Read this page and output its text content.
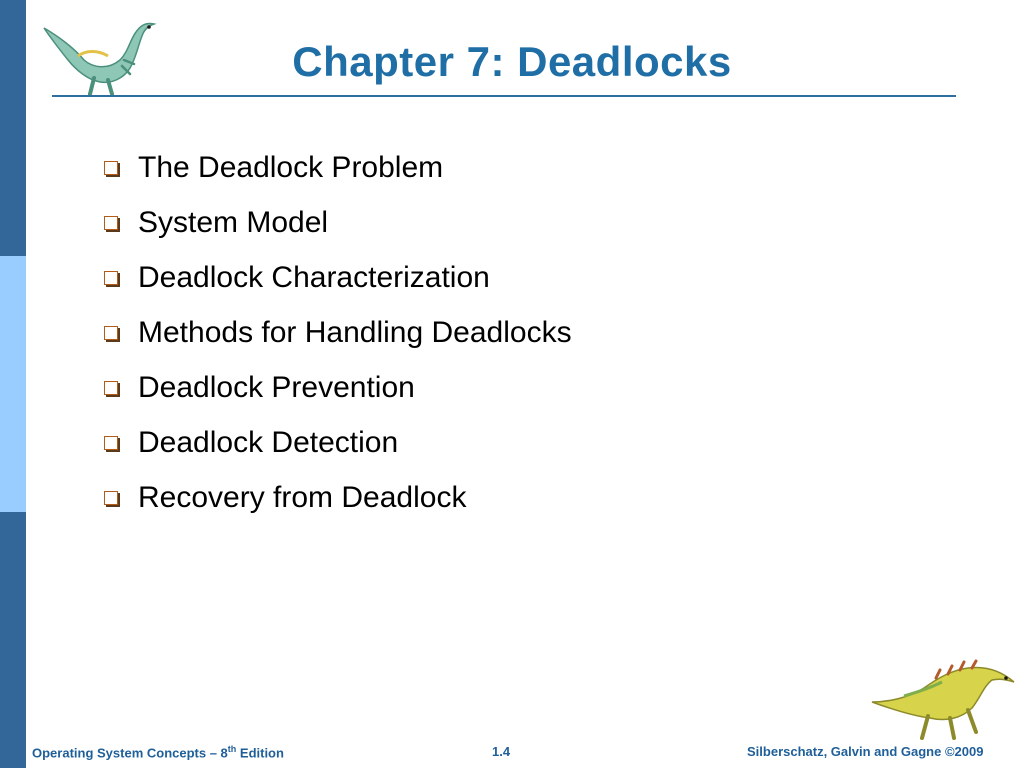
Chapter 7: Deadlocks
The Deadlock Problem
System Model
Deadlock Characterization
Methods for Handling Deadlocks
Deadlock Prevention
Deadlock Detection
Recovery from Deadlock
Operating System Concepts – 8th Edition	1.4	Silberschatz, Galvin and Gagne ©2009
